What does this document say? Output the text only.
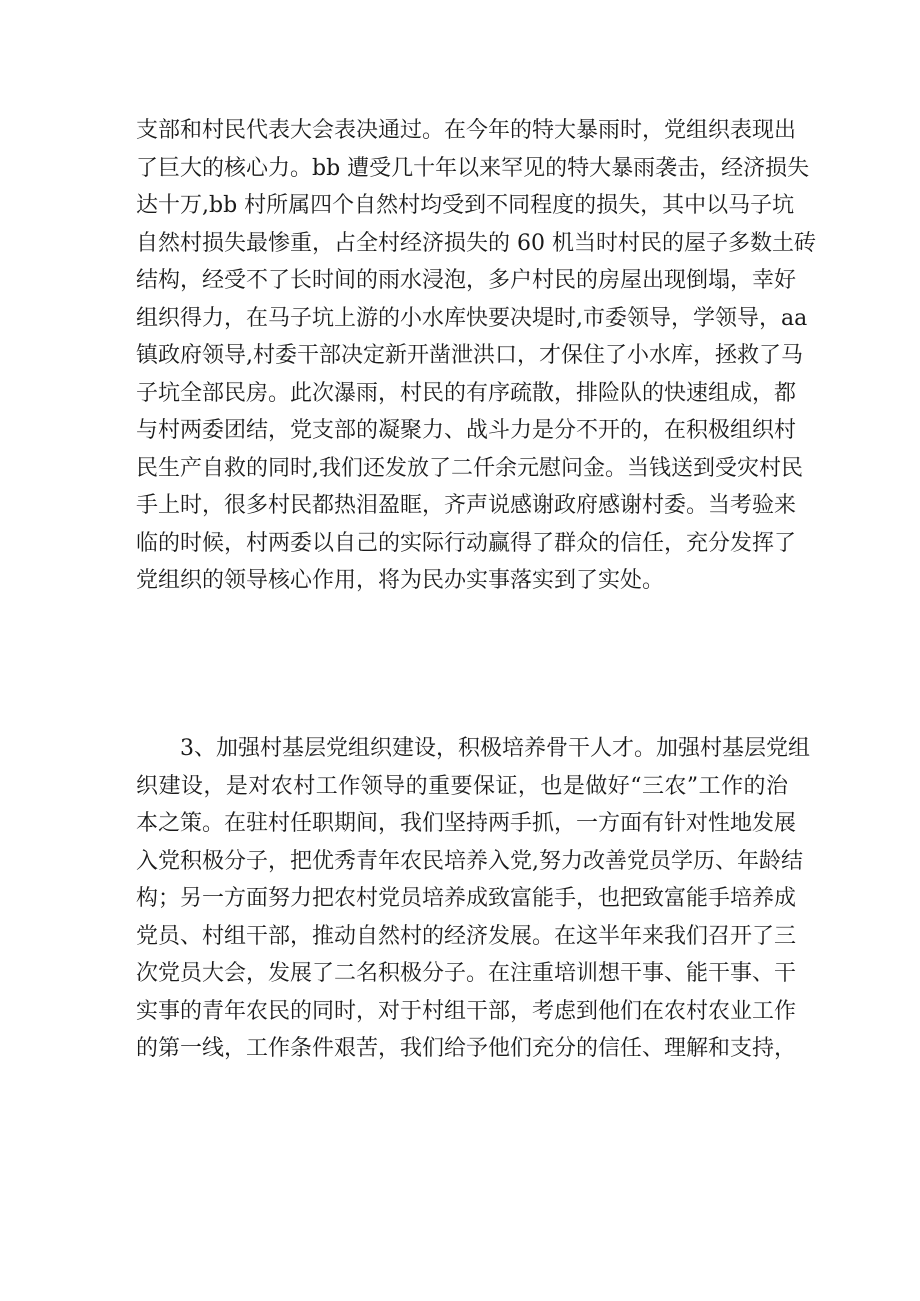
支部和村民代表大会表决通过。在今年的特大暴雨时，党组织表现出
了巨大的核心力。bb 遭受几十年以来罕见的特大暴雨袭击，经济损失
达十万,bb 村所属四个自然村均受到不同程度的损失，其中以马子坑
自然村损失最惨重，占全村经济损失的 60 机当时村民的屋子多数土砖
结构，经受不了长时间的雨水浸泡，多户村民的房屋出现倒塌，幸好
组织得力，在马子坑上游的小水库快要决堤时,市委领导，学领导，aa
镇政府领导,村委干部决定新开凿泄洪口，才保住了小水库，拯救了马
子坑全部民房。此次瀑雨，村民的有序疏散，排险队的快速组成，都
与村两委团结，党支部的凝聚力、战斗力是分不开的，在积极组织村
民生产自救的同时,我们还发放了二仟余元慰问金。当钱送到受灾村民
手上时，很多村民都热泪盈眶，齐声说感谢政府感谢村委。当考验来
临的时候，村两委以自己的实际行动赢得了群众的信任，充分发挥了
党组织的领导核心作用，将为民办实事落实到了实处。
3、加强村基层党组织建设，积极培养骨干人才。加强村基层党组
织建设，是对农村工作领导的重要保证，也是做好“三农”工作的治
本之策。在驻村任职期间，我们坚持两手抓，一方面有针对性地发展
入党积极分子，把优秀青年农民培养入党,努力改善党员学历、年龄结
构；另一方面努力把农村党员培养成致富能手，也把致富能手培养成
党员、村组干部，推动自然村的经济发展。在这半年来我们召开了三
次党员大会，发展了二名积极分子。在注重培训想干事、能干事、干
实事的青年农民的同时，对于村组干部，考虑到他们在农村农业工作
的第一线，工作条件艰苦，我们给予他们充分的信任、理解和支持，
